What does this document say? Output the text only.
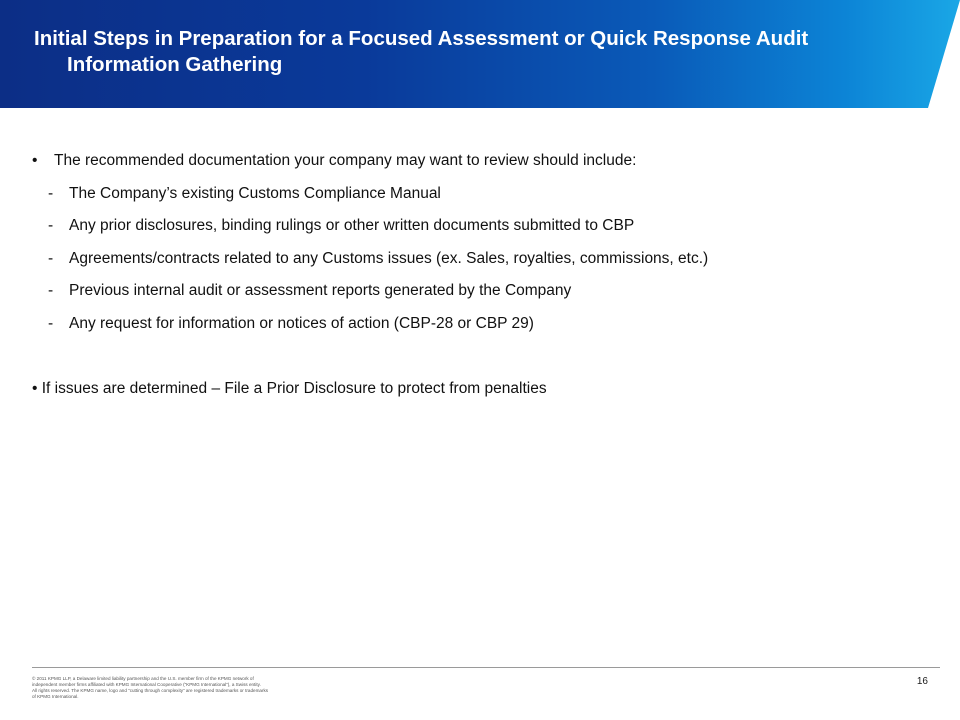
Initial Steps in Preparation for a Focused Assessment or Quick Response Audit
Information Gathering
• The recommended documentation your company may want to review should include:
- The Company’s existing Customs Compliance Manual
- Any prior disclosures, binding rulings or other written documents submitted to CBP
- Agreements/contracts related to any Customs issues (ex. Sales, royalties, commissions, etc.)
- Previous internal audit or assessment reports generated by the Company
- Any request for information or notices of action (CBP-28 or CBP 29)
• If issues are determined – File a Prior Disclosure to protect from penalties
© 2011 KPMG LLP, a Delaware limited liability partnership and the U.S. member firm of the KPMG network of
independent member firms affiliated with KPMG International Cooperative (“KPMG International”), a Swiss entity.
All rights reserved. The KPMG name, logo and “cutting through complexity” are registered trademarks or trademarks
of KPMG International.
16
